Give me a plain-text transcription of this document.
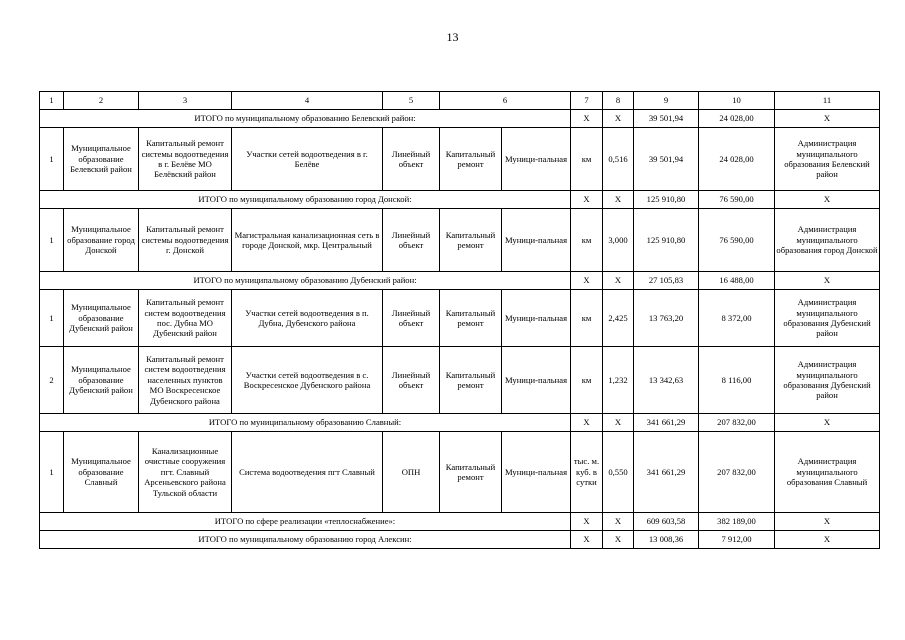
13
1	2	3	4	5	6		7	8	9	10	11
ИТОГО по муниципальному образованию Белевский район:							Х	Х	39 501,94	24 028,00	Х
1	Муниципальное образование Белевский район	Капитальный ремонт системы водоотведения в г. Белёве МО Белёвский район	Участки сетей водоотведения в г. Белёве	Линейный объект	Капитальный ремонт	Муници-пальная	км	0,516	39 501,94	24 028,00	Администрация муниципального образования Белевский район
ИТОГО по муниципальному образованию город Донской:							Х	Х	125 910,80	76 590,00	Х
1	Муниципальное образование город Донской	Капитальный ремонт системы водоотведения г. Донской	Магистральная канализационная сеть в городе Донской, мкр. Центральный	Линейный объект	Капитальный ремонт	Муници-пальная	км	3,000	125 910,80	76 590,00	Администрация муниципального образования город Донской
ИТОГО по муниципальному образованию Дубенский район:							Х	Х	27 105,83	16 488,00	Х
1	Муниципальное образование Дубенский район	Капитальный ремонт систем водоотведения пос. Дубна МО Дубенский район	Участки сетей водоотведения в п. Дубна, Дубенского района	Линейный объект	Капитальный ремонт	Муници-пальная	км	2,425	13 763,20	8 372,00	Администрация муниципального образования Дубенский район
2	Муниципальное образование Дубенский район	Капитальный ремонт систем водоотведения населенных пунктов МО Воскресенское Дубенского района	Участки сетей водоотведения в с. Воскресенское Дубенского района	Линейный объект	Капитальный ремонт	Муници-пальная	км	1,232	13 342,63	8 116,00	Администрация муниципального образования Дубенский район
ИТОГО по муниципальному образованию Славный:							Х	Х	341 661,29	207 832,00	Х
1	Муниципальное образование Славный	Канализационные очистные сооружения пгт. Славный Арсеньевского района Тульской области	Система водоотведения пгт Славный	ОПН	Капитальный ремонт	Муници-пальная	тыс. м. куб. в сутки	0,550	341 661,29	207 832,00	Администрация муниципального образования Славный
ИТОГО по сфере реализации «теплоснабжение»:							Х	Х	609 603,58	382 189,00	Х
ИТОГО по муниципальному образованию город Алексин:							Х	Х	13 008,36	7 912,00	Х
